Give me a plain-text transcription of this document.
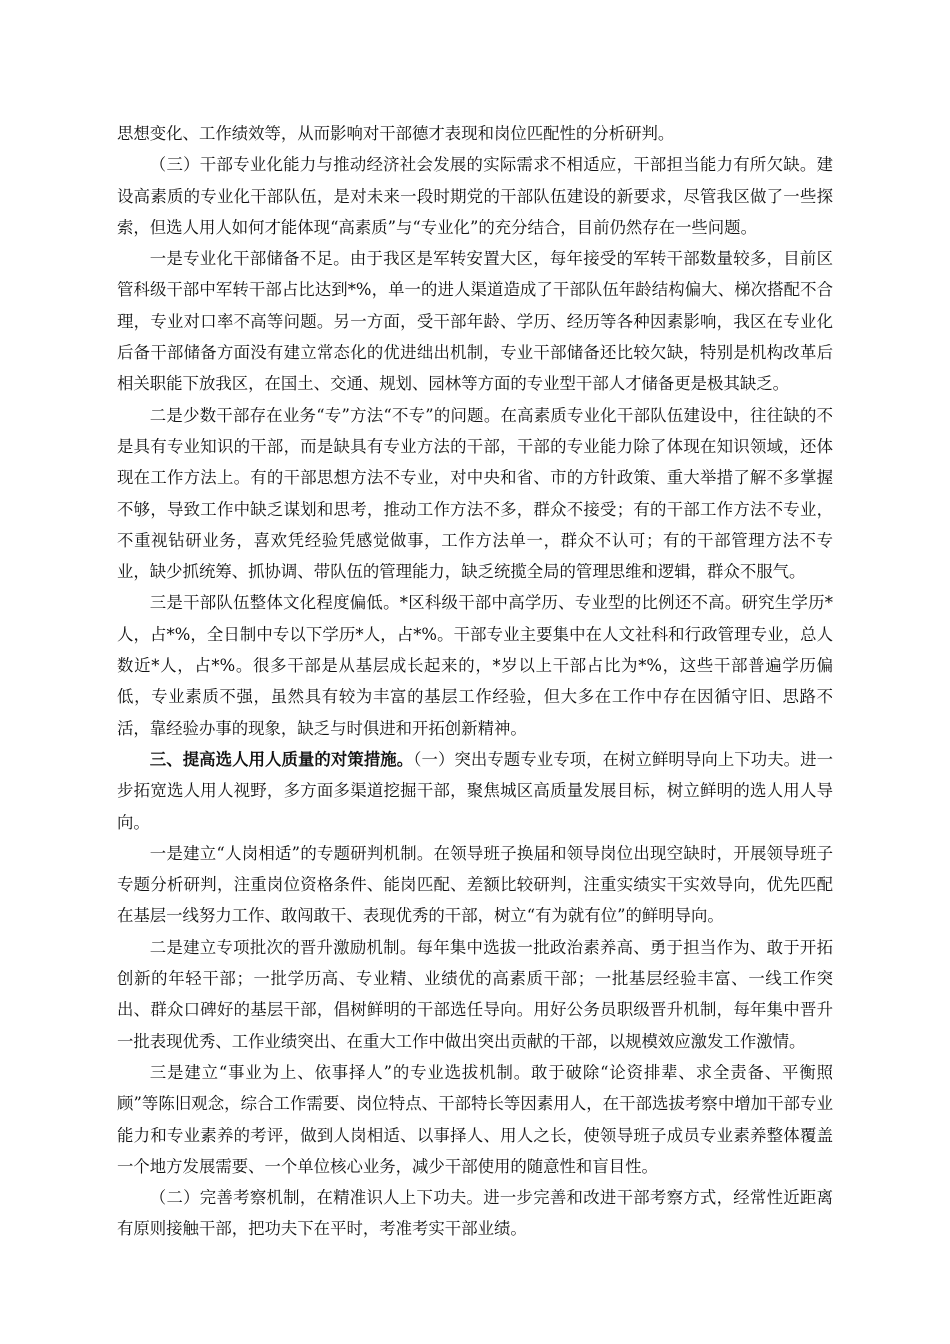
思想变化、工作绩效等，从而影响对干部德才表现和岗位匹配性的分析研判。

（三）干部专业化能力与推动经济社会发展的实际需求不相适应，干部担当能力有所欠缺。建设高素质的专业化干部队伍，是对未来一段时期党的干部队伍建设的新要求，尽管我区做了一些探索，但选人用人如何才能体现“高素质”与“专业化”的充分结合，目前仍然存在一些问题。

一是专业化干部储备不足。由于我区是军转安置大区，每年接受的军转干部数量较多，目前区管科级干部中军转干部占比达到*%，单一的进人渠道造成了干部队伍年龄结构偏大、梯次搭配不合理，专业对口率不高等问题。另一方面，受干部年龄、学历、经历等各种因素影响，我区在专业化后备干部储备方面没有建立常态化的优进绌出机制，专业干部储备还比较欠缺，特别是机构改革后相关职能下放我区，在国土、交通、规划、园林等方面的专业型干部人才储备更是极其缺乏。

二是少数干部存在业务“专”方法“不专”的问题。在高素质专业化干部队伍建设中，往往缺的不是具有专业知识的干部，而是缺具有专业方法的干部，干部的专业能力除了体现在知识领域，还体现在工作方法上。有的干部思想方法不专业，对中央和省、市的方针政策、重大举措了解不多掌握不够，导致工作中缺乏谋划和思考，推动工作方法不多，群众不接受；有的干部工作方法不专业，不重视钻研业务，喜欢凭经验凭感觉做事，工作方法单一，群众不认可；有的干部管理方法不专业，缺少抓统筹、抓协调、带队伍的管理能力，缺乏统揽全局的管理思维和逻辑，群众不服气。

三是干部队伍整体文化程度偏低。*区科级干部中高学历、专业型的比例还不高。研究生学历*人，占*%，全日制中专以下学历*人，占*%。干部专业主要集中在人文社科和行政管理专业，总人数近*人，占*%。很多干部是从基层成长起来的，*岁以上干部占比为*%，这些干部普遍学历偏低，专业素质不强，虽然具有较为丰富的基层工作经验，但大多在工作中存在因循守旧、思路不活，靠经验办事的现象，缺乏与时俱进和开拓创新精神。

三、提高选人用人质量的对策措施。（一）突出专题专业专项，在树立鲜明导向上下功夫。进一步拓宽选人用人视野，多方面多渠道挖掘干部，聚焦城区高质量发展目标，树立鲜明的选人用人导向。

一是建立“人岗相适”的专题研判机制。在领导班子换届和领导岗位出现空缺时，开展领导班子专题分析研判，注重岗位资格条件、能岗匹配、差额比较研判，注重实绩实干实效导向，优先匹配在基层一线努力工作、敢闯敢干、表现优秀的干部，树立“有为就有位”的鲜明导向。

二是建立专项批次的晋升激励机制。每年集中选拔一批政治素养高、勇于担当作为、敢于开拓创新的年轻干部；一批学历高、专业精、业绩优的高素质干部；一批基层经验丰富、一线工作突出、群众口碑好的基层干部，倡树鲜明的干部选任导向。用好公务员职级晋升机制，每年集中晋升一批表现优秀、工作业绩突出、在重大工作中做出突出贡献的干部，以规模效应激发工作激情。

三是建立“事业为上、依事择人”的专业选拔机制。敢于破除“论资排辈、求全责备、平衡照顾”等陈旧观念，综合工作需要、岗位特点、干部特长等因素用人，在干部选拔考察中增加干部专业能力和专业素养的考评，做到人岗相适、以事择人、用人之长，使领导班子成员专业素养整体覆盖一个地方发展需要、一个单位核心业务，减少干部使用的随意性和盲目性。

（二）完善考察机制，在精准识人上下功夫。进一步完善和改进干部考察方式，经常性近距离有原则接触干部，把功夫下在平时，考准考实干部业绩。
